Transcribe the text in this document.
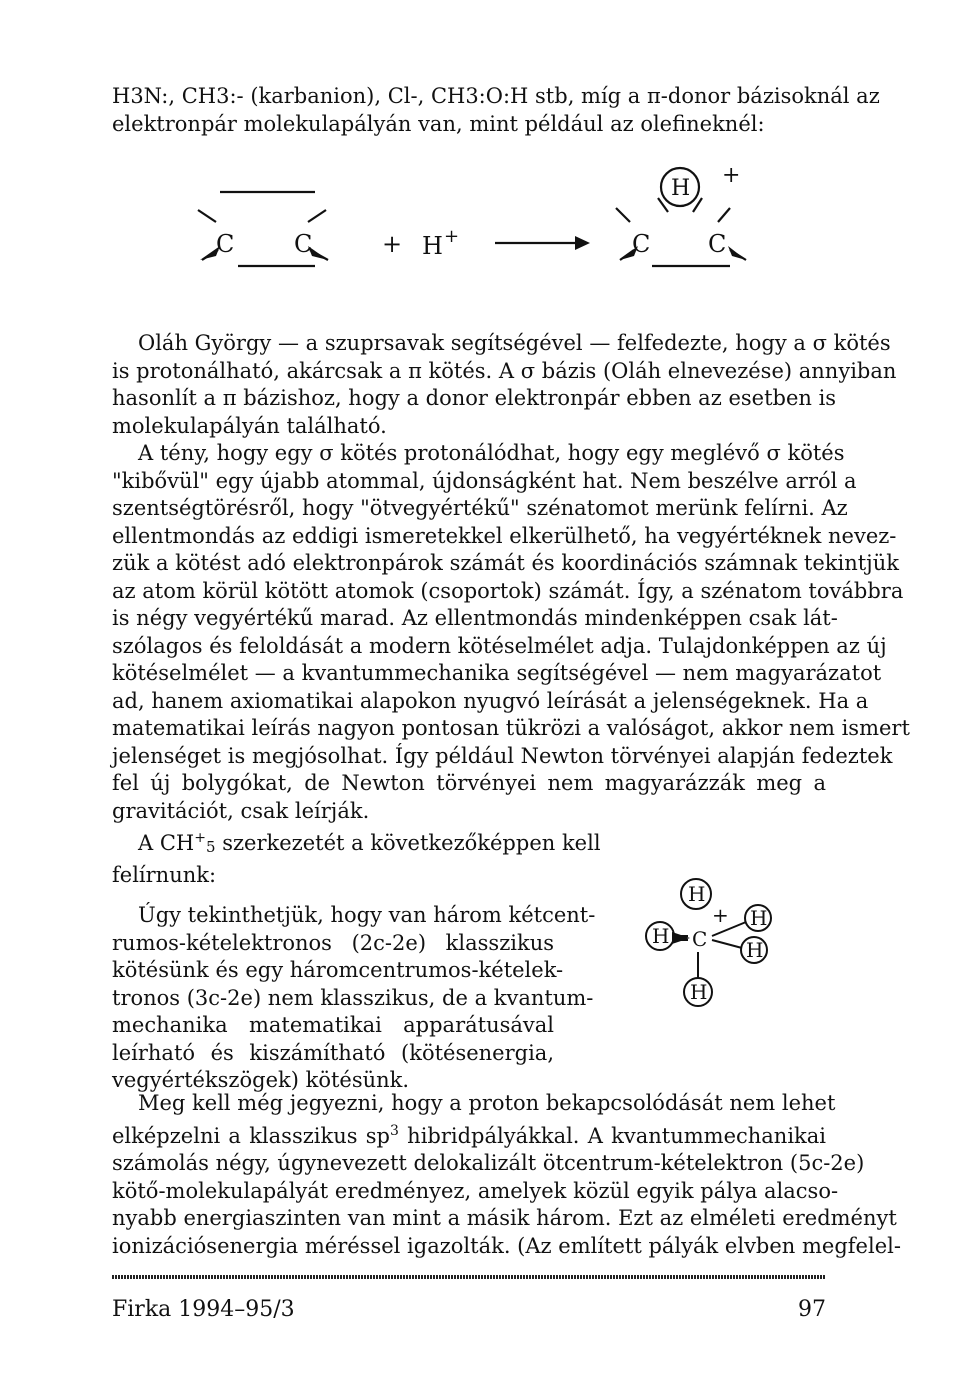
H3N:, CH3:- (karbanion), Cl-, CH3:O:H stb, míg a π-donor bázisoknál az
elektronpár molekulapályán van, mint például az olefineknél:
C C	+ H +	C C
H
+
Oláh György — a szuprsavak segítségével — felfedezte, hogy a σ kötés
is protonálható, akárcsak a π kötés. A σ bázis (Oláh elnevezése) annyiban
hasonlít a π bázishoz, hogy a donor elektronpár ebben az esetben is
molekulapályán található.
A tény, hogy egy σ kötés protonálódhat, hogy egy meglévő σ kötés
"kibővül" egy újabb atommal, újdonságként hat. Nem beszélve arról a
szentségtörésről, hogy "ötvegyértékű" szénatomot merünk felírni. Az
ellentmondás az eddigi ismeretekkel elkerülhető, ha vegyértéknek nevez-
zük a kötést adó elektronpárok számát és koordinációs számnak tekintjük
az atom körül kötött atomok (csoportok) számát. Így, a szénatom továbbra
is négy vegyértékű marad. Az ellentmondás mindenképpen csak lát-
szólagos és feloldását a modern kötéselmélet adja. Tulajdonképpen az új
kötéselmélet — a kvantummechanika segítségével — nem magyarázatot
ad, hanem axiomatikai alapokon nyugvó leírását a jelenségeknek. Ha a
matematikai leírás nagyon pontosan tükrözi a valóságot, akkor nem ismert
jelenséget is megjósolhat. Így például Newton törvényei alapján fedeztek
fel új bolygókat, de Newton törvényei nem magyarázzák meg a
gravitációt, csak leírják.
A $CH^+_5$ szerkezetét a következőképpen kell
felírnunk:
Úgy tekinthetjük, hogy van három kétcent-
rumos-kételektronos (2c-2e) klasszikus
kötésünk és egy háromcentrumos-kételek-
tronos (3c-2e) nem klasszikus, de a kvantum-
mechanika matematikai apparátusával
leírható és kiszámítható (kötésenergia,
vegyértékszögek) kötésünk.
H
+ H
H C H
H
Meg kell még jegyezni, hogy a proton bekapcsolódását nem lehet
elképzelni a klasszikus $sp^3$ hibridpályákkal. A kvantummechanikai
számolás négy, úgynevezett delokalizált ötcentrum-kételektron (5c-2e)
kötő-molekulapályát eredményez, amelyek közül egyik pálya alacso-
nyabb energiaszinten van mint a másik három. Ezt az elméleti eredményt
ionizációsenergia méréssel igazolták. (Az említett pályák elvben megfelel-
Firka 1994–95/3	97
